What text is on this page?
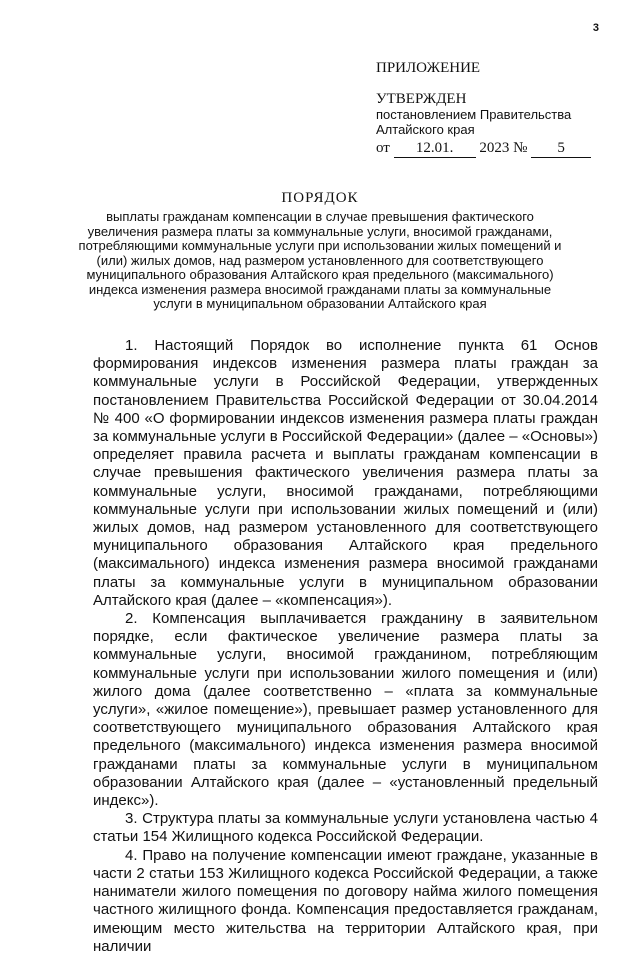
3

ПРИЛОЖЕНИЕ

УТВЕРЖДЕН

постановлением Правительства

Алтайского края

от 12.01. 2023 № 5

ПОРЯДОК

выплаты гражданам компенсации в случае превышения фактического увеличения размера платы за коммунальные услуги, вносимой гражданами, потребляющими коммунальные услуги при использовании жилых помещений и (или) жилых домов, над размером установленного для соответствующего муниципального образования Алтайского края предельного (максимального) индекса изменения размера вносимой гражданами платы за коммунальные услуги в муниципальном образовании Алтайского края

1. Настоящий Порядок во исполнение пункта 61 Основ формирования индексов изменения размера платы граждан за коммунальные услуги в Российской Федерации, утвержденных постановлением Правительства Российской Федерации от 30.04.2014 № 400 «О формировании индексов изменения размера платы граждан за коммунальные услуги в Российской Федерации» (далее – «Основы») определяет правила расчета и выплаты гражданам компенсации в случае превышения фактического увеличения размера платы за коммунальные услуги, вносимой гражданами, потребляющими коммунальные услуги при использовании жилых помещений и (или) жилых домов, над размером установленного для соответствующего муниципального образования Алтайского края предельного (максимального) индекса изменения размера вносимой гражданами платы за коммунальные услуги в муниципальном образовании Алтайского края (далее – «компенсация»).

2. Компенсация выплачивается гражданину в заявительном порядке, если фактическое увеличение размера платы за коммунальные услуги, вносимой гражданином, потребляющим коммунальные услуги при использовании жилого помещения и (или) жилого дома (далее соответственно – «плата за коммунальные услуги», «жилое помещение»), превышает размер установленного для соответствующего муниципального образования Алтайского края предельного (максимального) индекса изменения размера вносимой гражданами платы за коммунальные услуги в муниципальном образовании Алтайского края (далее – «установленный предельный индекс»).

3. Структура платы за коммунальные услуги установлена частью 4 статьи 154 Жилищного кодекса Российской Федерации.

4. Право на получение компенсации имеют граждане, указанные в части 2 статьи 153 Жилищного кодекса Российской Федерации, а также наниматели жилого помещения по договору найма жилого помещения частного жилищного фонда. Компенсация предоставляется гражданам, имеющим место жительства на территории Алтайского края, при наличии
